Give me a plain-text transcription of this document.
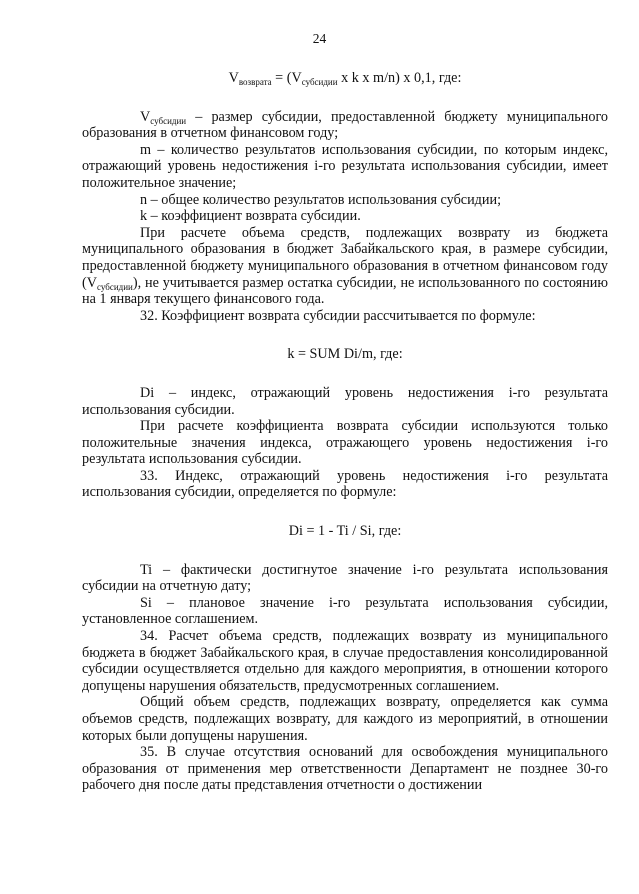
24

$V_{возврата} = (V_{субсидии}$ x k x m/n) x 0,1, где:

$V_{субсидии}$ – размер субсидии, предоставленной бюджету муниципального образования в отчетном финансовом году;

m – количество результатов использования субсидии, по которым индекс, отражающий уровень недостижения i-го результата использования субсидии, имеет положительное значение;

n – общее количество результатов использования субсидии;

k – коэффициент возврата субсидии.

При расчете объема средств, подлежащих возврату из бюджета муниципального образования в бюджет Забайкальского края, в размере субсидии, предоставленной бюджету муниципального образования в отчетном финансовом году $(V_{субсидии})$, не учитывается размер остатка субсидии, не использованного по состоянию на 1 января текущего финансового года.

32. Коэффициент возврата субсидии рассчитывается по формуле:

k = SUM Di/m, где:

Di – индекс, отражающий уровень недостижения i-го результата использования субсидии.

При расчете коэффициента возврата субсидии используются только положительные значения индекса, отражающего уровень недостижения i-го результата использования субсидии.

33. Индекс, отражающий уровень недостижения i-го результата использования субсидии, определяется по формуле:

Di = 1 - Ti / Si, где:

Ti – фактически достигнутое значение i-го результата использования субсидии на отчетную дату;

Si – плановое значение i-го результата использования субсидии, установленное соглашением.

34. Расчет объема средств, подлежащих возврату из муниципального бюджета в бюджет Забайкальского края, в случае предоставления консолидированной субсидии осуществляется отдельно для каждого мероприятия, в отношении которого допущены нарушения обязательств, предусмотренных соглашением.

Общий объем средств, подлежащих возврату, определяется как сумма объемов средств, подлежащих возврату, для каждого из мероприятий, в отношении которых были допущены нарушения.

35. В случае отсутствия оснований для освобождения муниципального образования от применения мер ответственности Департамент не позднее 30-го рабочего дня после даты представления отчетности о достижении
